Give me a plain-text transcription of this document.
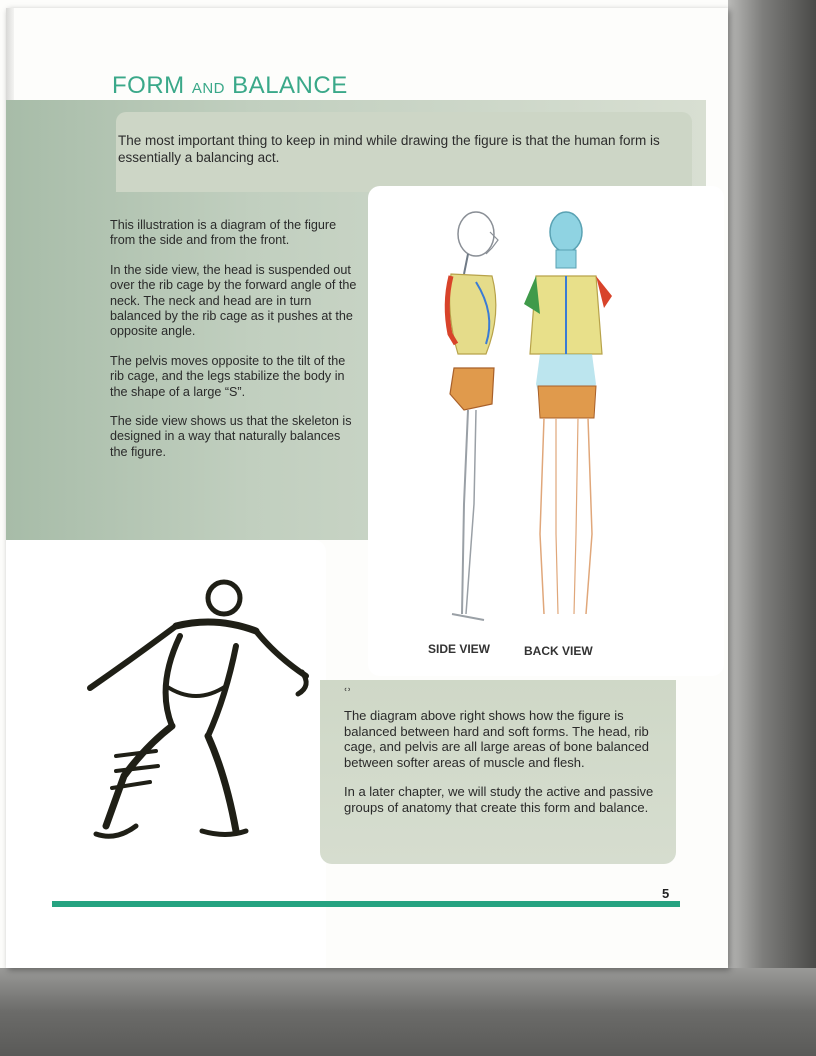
FORM AND BALANCE

The most important thing to keep in mind while drawing the figure is that the human form is essentially a balancing act.

This illustration is a diagram of the figure from the side and from the front.

In the side view, the head is suspended out over the rib cage by the forward angle of the neck. The neck and head are in turn balanced by the rib cage as it pushes at the opposite angle.

The pelvis moves opposite to the tilt of the rib cage, and the legs stabilize the body in the shape of a large “S”.

The side view shows us that the skeleton is designed in a way that naturally balances the figure.

SIDE VIEW	BACK VIEW
ʿʾ

The diagram above right shows how the figure is balanced between hard and soft forms. The head, rib cage, and pelvis are all large areas of bone balanced between softer areas of muscle and flesh.

In a later chapter, we will study the active and passive groups of anatomy that create this form and balance.

5
